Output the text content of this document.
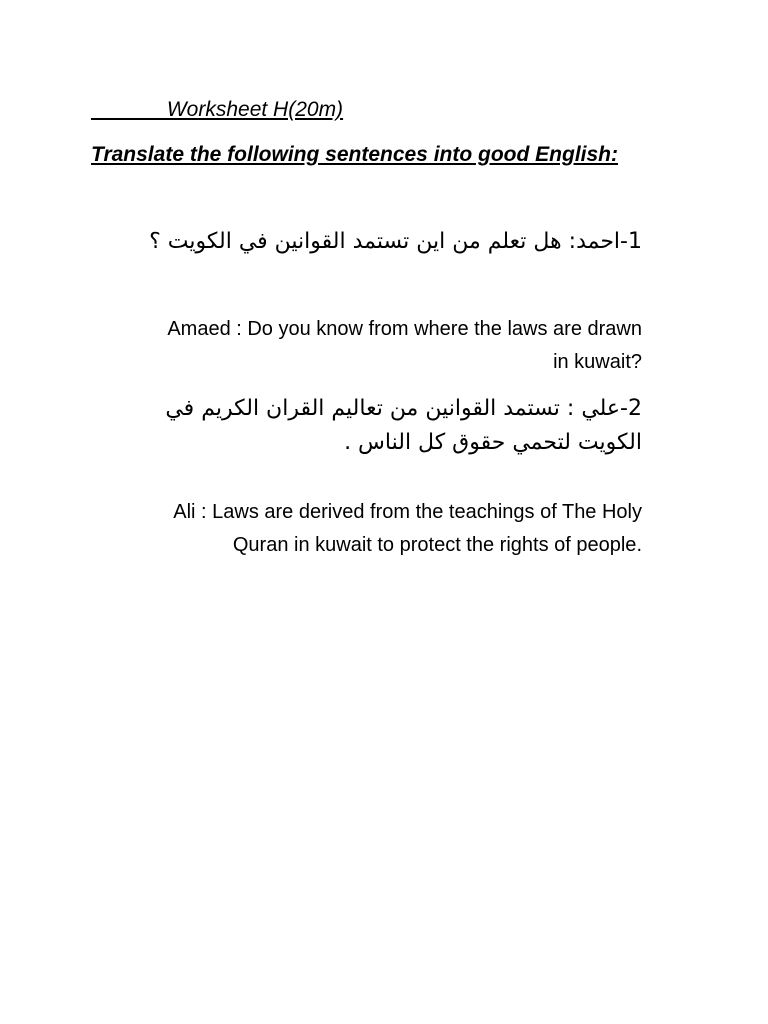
Worksheet H(20m)
Translate the following sentences into good English:
1-احمد: هل تعلم من اين تستمد القوانين في الكويت ؟
Amaed : Do you know from where the laws are drawn
?in kuwait
2-علي : تستمد القوانين من تعاليم القران الكريم في
الكويت لتحمي حقوق كل الناس .
Ali : Laws are derived from the teachings of The Holy
.Quran in kuwait to protect the rights of people
